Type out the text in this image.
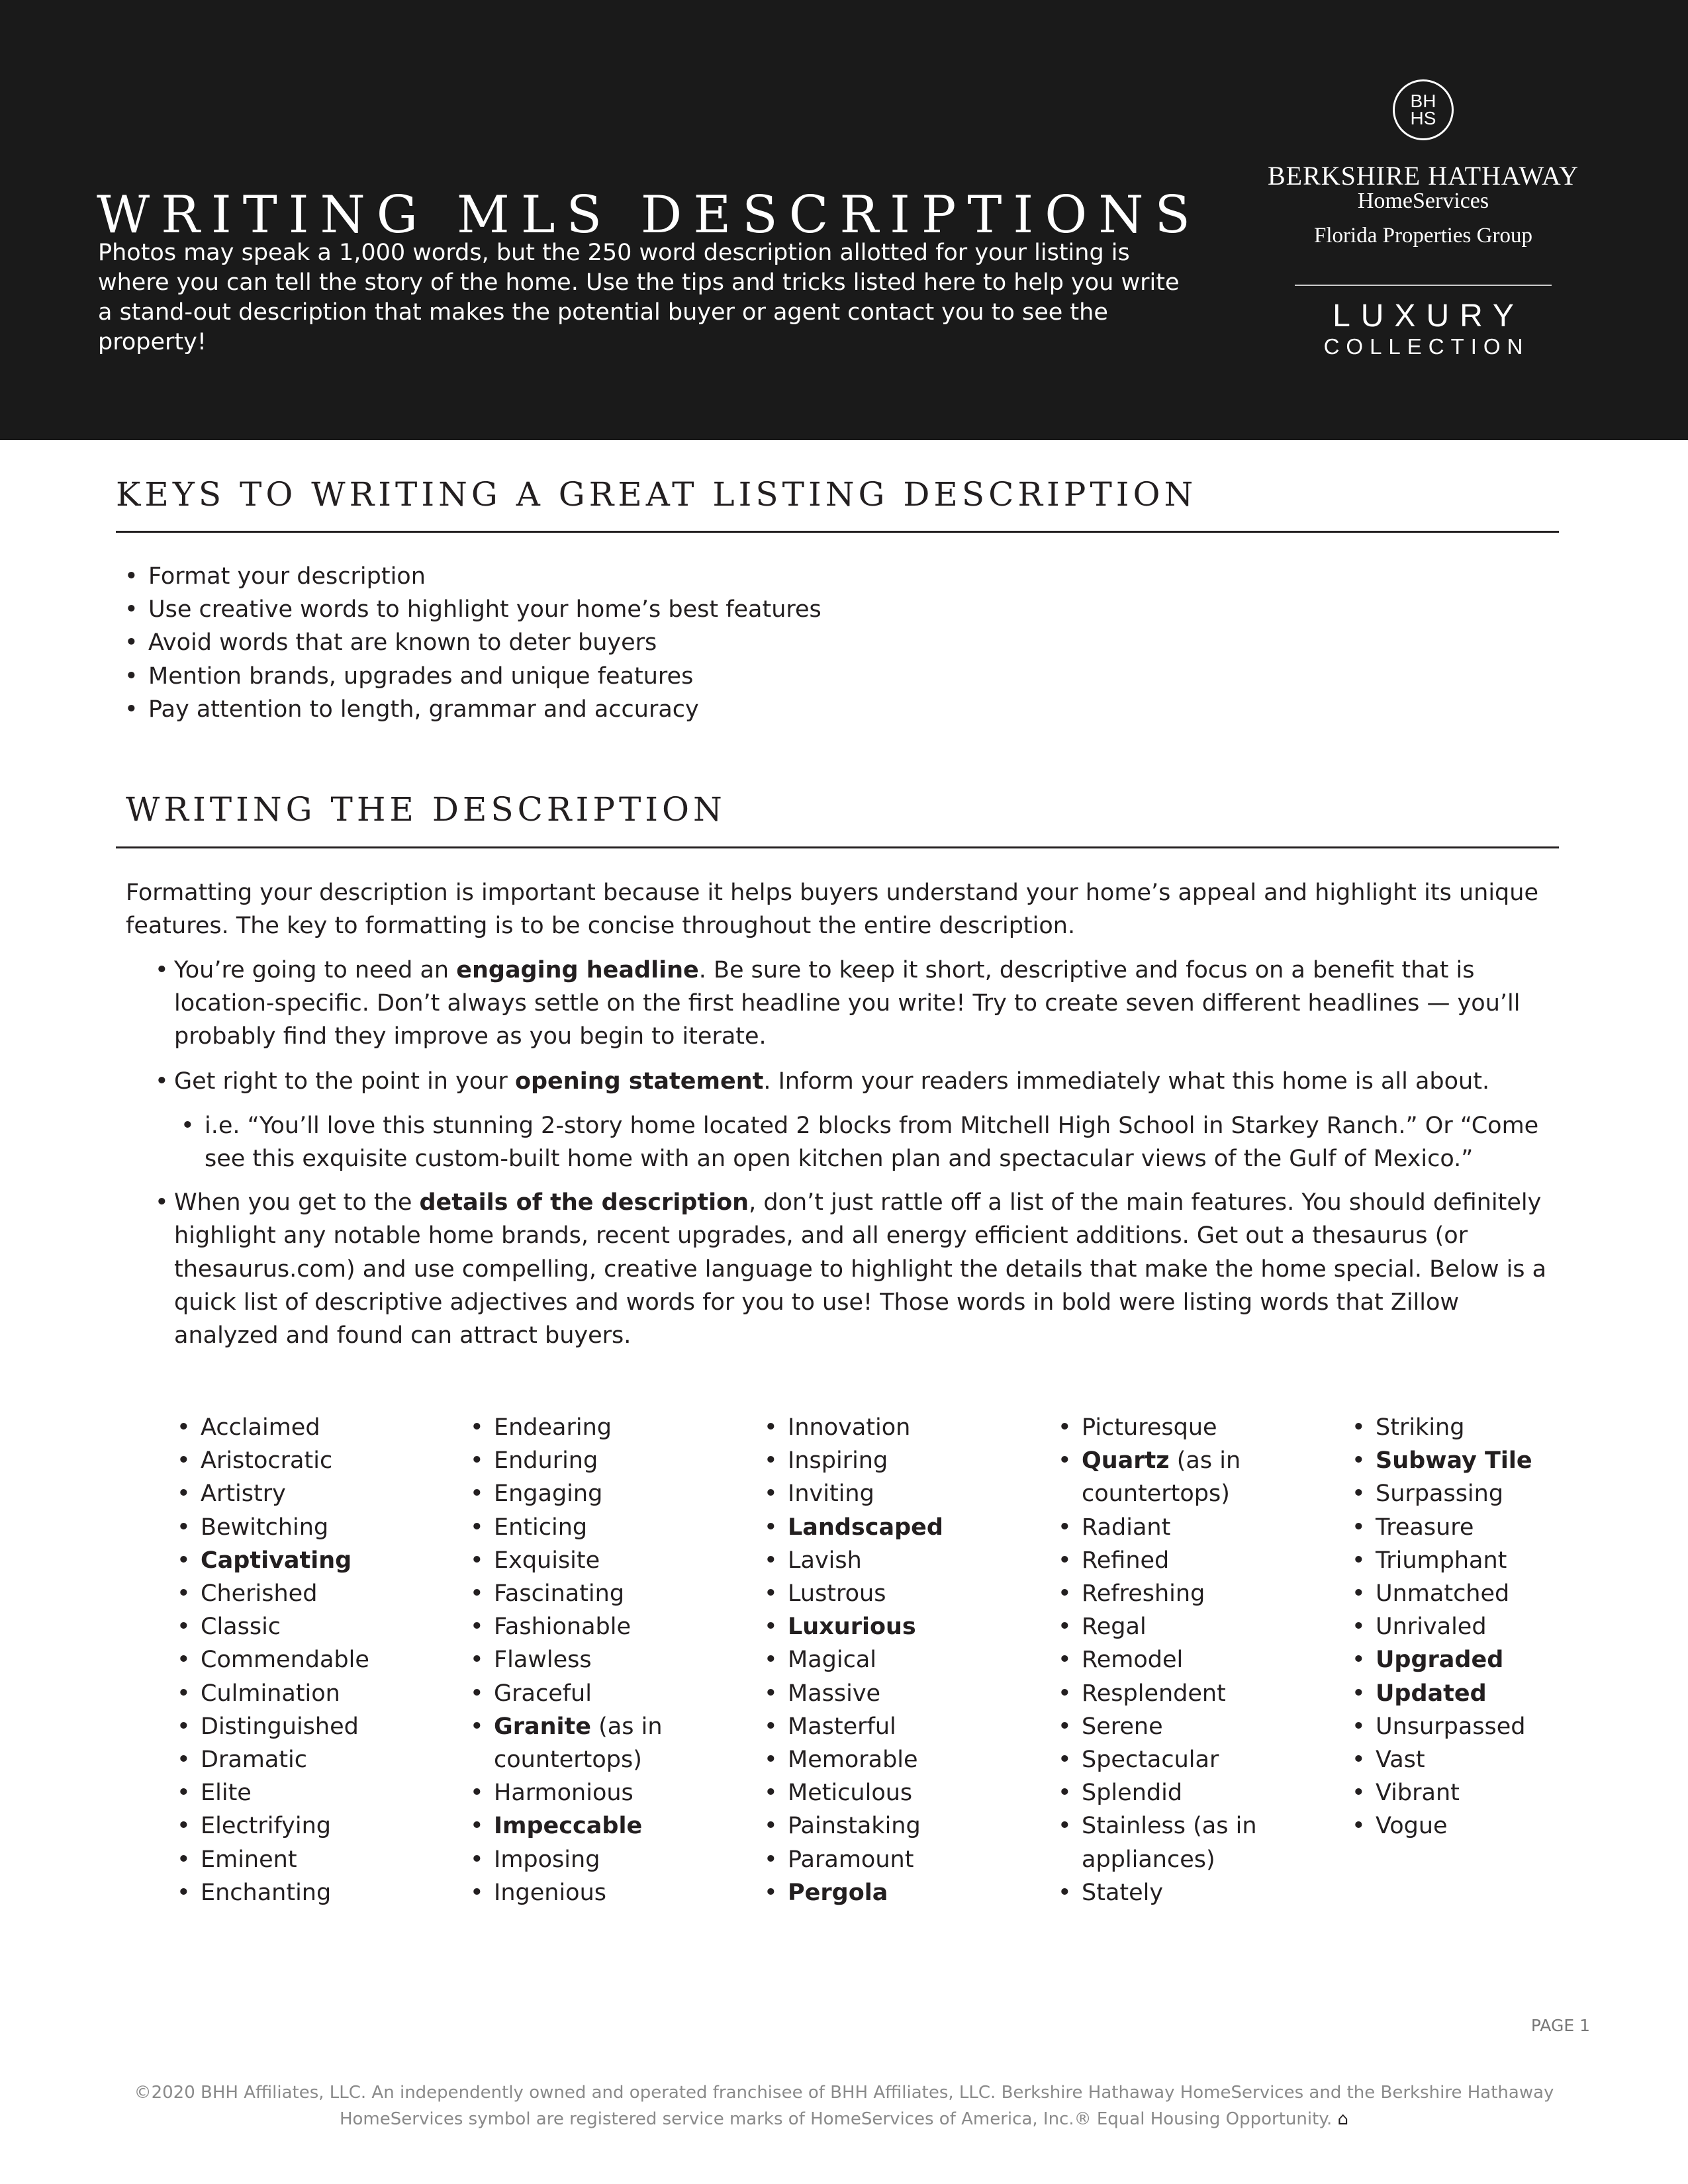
WRITING MLS DESCRIPTIONS

Photos may speak a 1,000 words, but the 250 word description allotted for your listing is where you can tell the story of the home. Use the tips and tricks listed here to help you write a stand-out description that makes the potential buyer or agent contact you to see the property!

BH
HS
BERKSHIRE HATHAWAY
HomeServices
Florida Properties Group
LUXURY
COLLECTION
KEYS TO WRITING A GREAT LISTING DESCRIPTION
• Format your description
• Use creative words to highlight your home’s best features
• Avoid words that are known to deter buyers
• Mention brands, upgrades and unique features
• Pay attention to length, grammar and accuracy
WRITING THE DESCRIPTION

Formatting your description is important because it helps buyers understand your home’s appeal and highlight its unique features. The key to formatting is to be concise throughout the entire description.

• You’re going to need an engaging headline. Be sure to keep it short, descriptive and focus on a benefit that is location-specific. Don’t always settle on the first headline you write! Try to create seven different headlines — you’ll probably find they improve as you begin to iterate.
• Get right to the point in your opening statement. Inform your readers immediately what this home is all about.
• i.e. “You’ll love this stunning 2-story home located 2 blocks from Mitchell High School in Starkey Ranch.” Or “Come see this exquisite custom-built home with an open kitchen plan and spectacular views of the Gulf of Mexico.”
• When you get to the details of the description, don’t just rattle off a list of the main features. You should definitely highlight any notable home brands, recent upgrades, and all energy efficient additions. Get out a thesaurus (or thesaurus.com) and use compelling, creative language to highlight the details that make the home special. Below is a quick list of descriptive adjectives and words for you to use! Those words in bold were listing words that Zillow analyzed and found can attract buyers.
• Acclaimed
• Aristocratic
• Artistry
• Bewitching
• Captivating
• Cherished
• Classic
• Commendable
• Culmination
• Distinguished
• Dramatic
• Elite
• Electrifying
• Eminent
• Enchanting
• Endearing
• Enduring
• Engaging
• Enticing
• Exquisite
• Fascinating
• Fashionable
• Flawless
• Graceful
• Granite (as in countertops)
• Harmonious
• Impeccable
• Imposing
• Ingenious
• Innovation
• Inspiring
• Inviting
• Landscaped
• Lavish
• Lustrous
• Luxurious
• Magical
• Massive
• Masterful
• Memorable
• Meticulous
• Painstaking
• Paramount
• Pergola
• Picturesque
• Quartz (as in countertops)
• Radiant
• Refined
• Refreshing
• Regal
• Remodel
• Resplendent
• Serene
• Spectacular
• Splendid
• Stainless (as in appliances)
• Stately
• Striking
• Subway Tile
• Surpassing
• Treasure
• Triumphant
• Unmatched
• Unrivaled
• Upgraded
• Updated
• Unsurpassed
• Vast
• Vibrant
• Vogue
PAGE 1

©2020 BHH Affiliates, LLC. An independently owned and operated franchisee of BHH Affiliates, LLC. Berkshire Hathaway HomeServices and the Berkshire Hathaway HomeServices symbol are registered service marks of HomeServices of America, Inc.® Equal Housing Opportunity. ⌂
